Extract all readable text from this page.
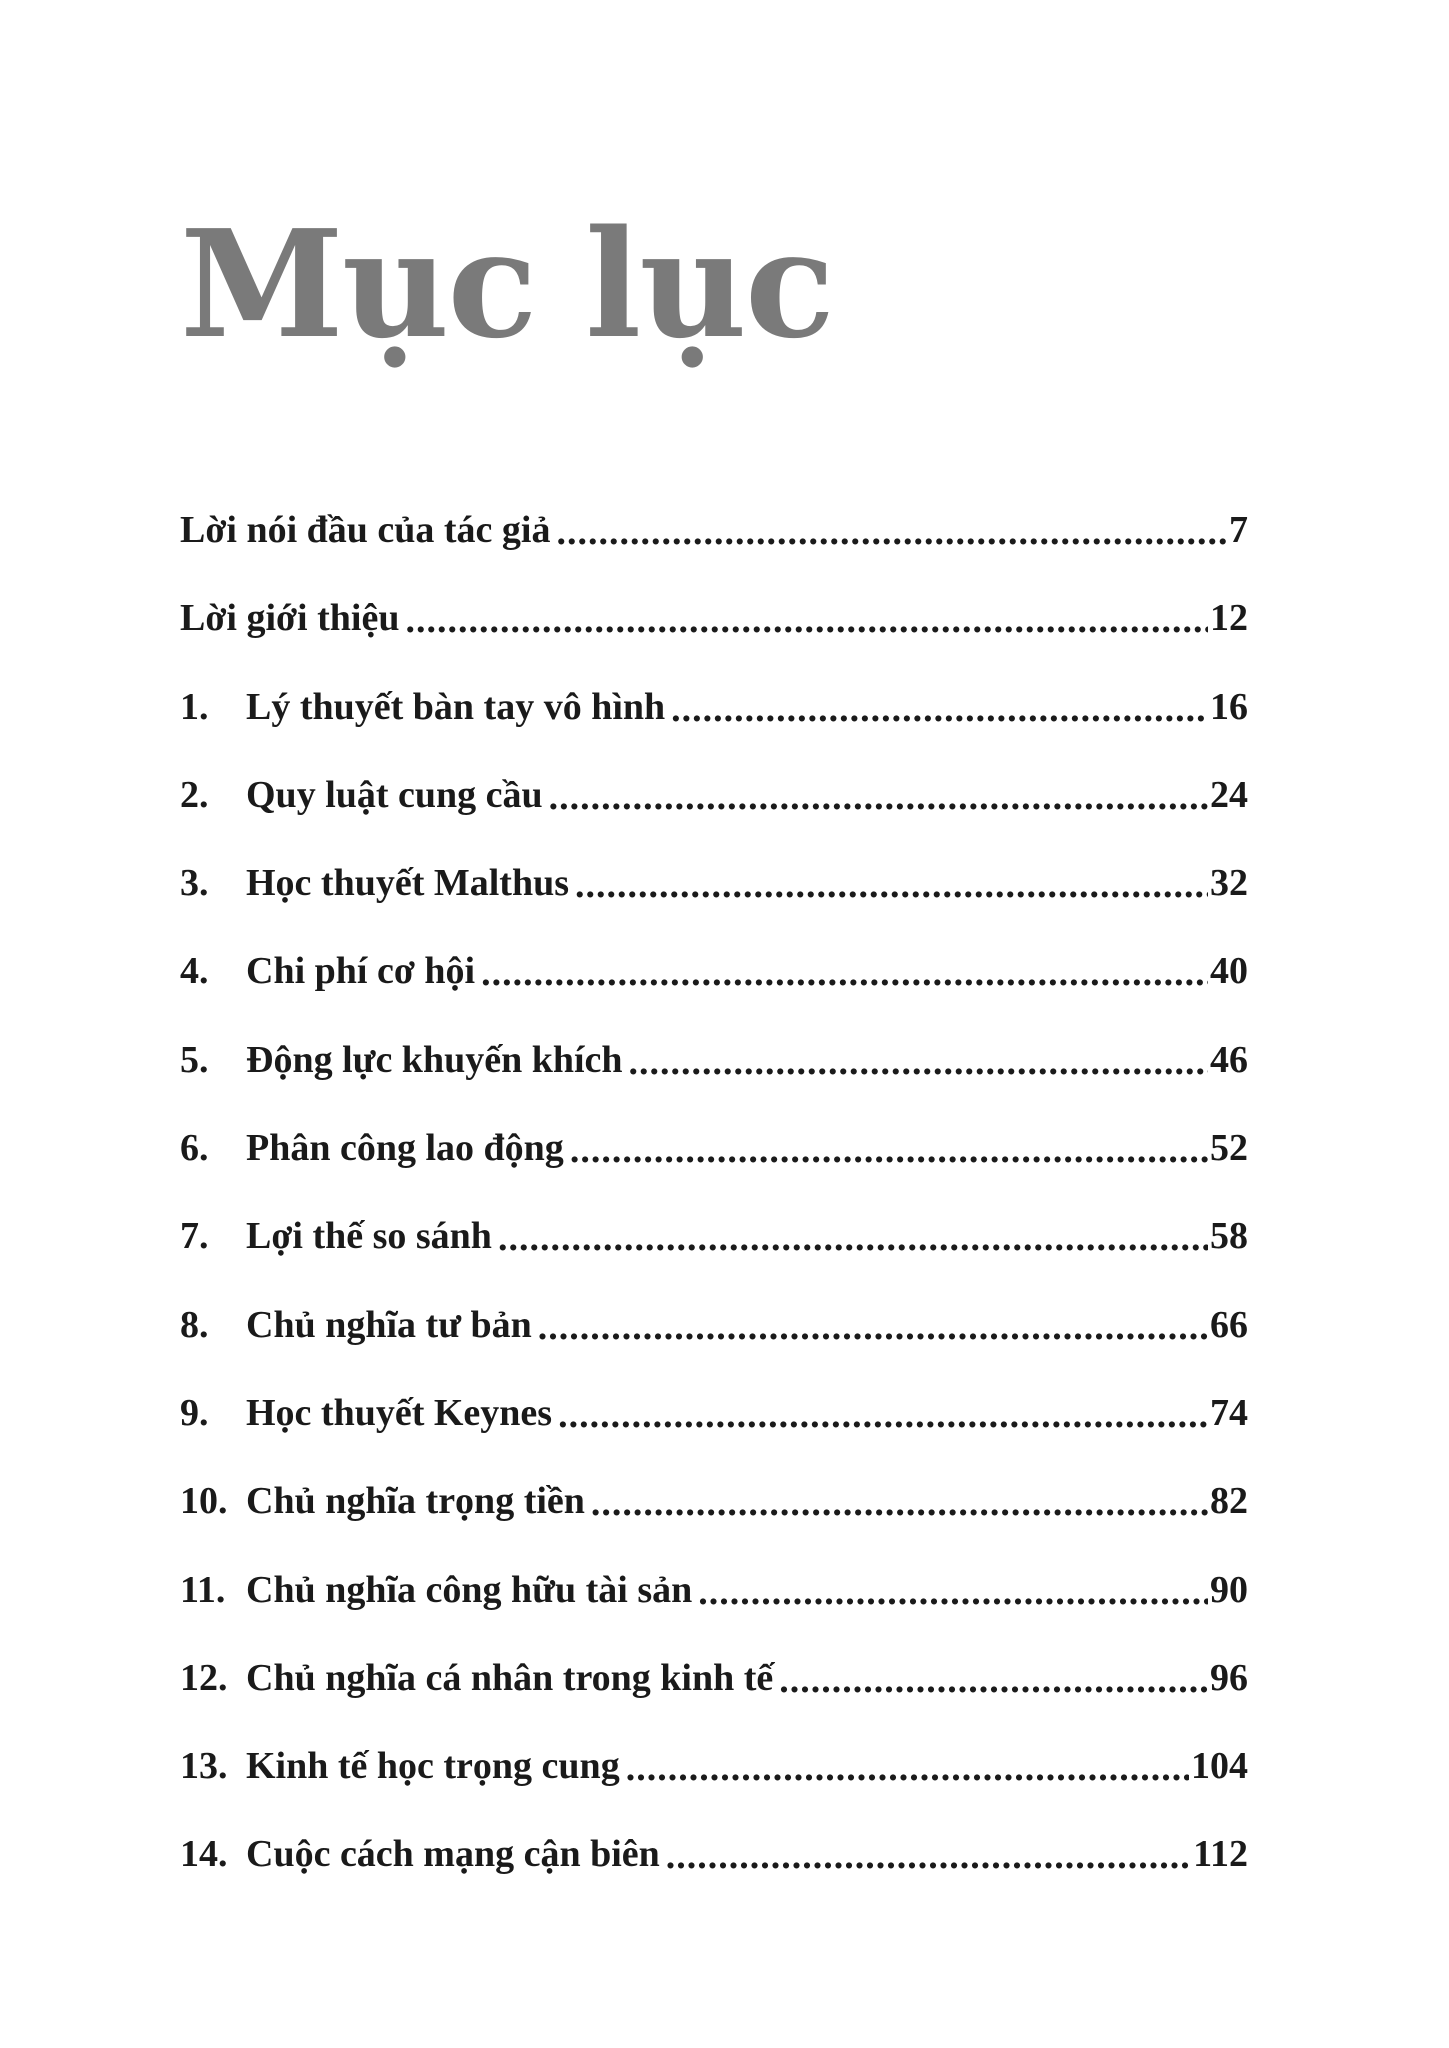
Mục lục
Lời nói đầu của tác giả .....	7
Lời giới thiệu .....	12
1. Lý thuyết bàn tay vô hình .....	16
2. Quy luật cung cầu .....	24
3. Học thuyết Malthus .....	32
4. Chi phí cơ hội .....	40
5. Động lực khuyến khích .....	46
6. Phân công lao động .....	52
7. Lợi thế so sánh .....	58
8. Chủ nghĩa tư bản .....	66
9. Học thuyết Keynes .....	74
10. Chủ nghĩa trọng tiền .....	82
11. Chủ nghĩa công hữu tài sản .....	90
12. Chủ nghĩa cá nhân trong kinh tế .....	96
13. Kinh tế học trọng cung .....	104
14. Cuộc cách mạng cận biên .....	112
